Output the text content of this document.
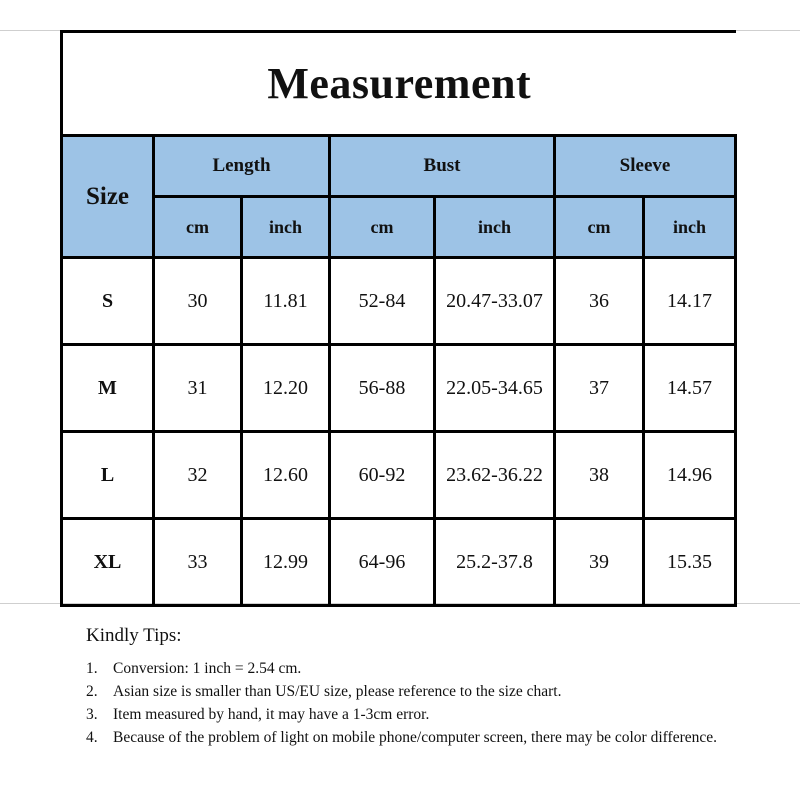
Measurement						
Size	Length		Bust		Sleeve	
	cm	inch	cm	inch	cm	inch
S	30	11.81	52-84	20.47-33.07	36	14.17
M	31	12.20	56-88	22.05-34.65	37	14.57
L	32	12.60	60-92	23.62-36.22	38	14.96
XL	33	12.99	64-96	25.2-37.8	39	15.35
Kindly Tips:
1. Conversion: 1 inch = 2.54 cm.
2. Asian size is smaller than US/EU size, please reference to the size chart.
3. Item measured by hand, it may have a 1-3cm error.
4. Because of the problem of light on mobile phone/computer screen, there may be color difference.
